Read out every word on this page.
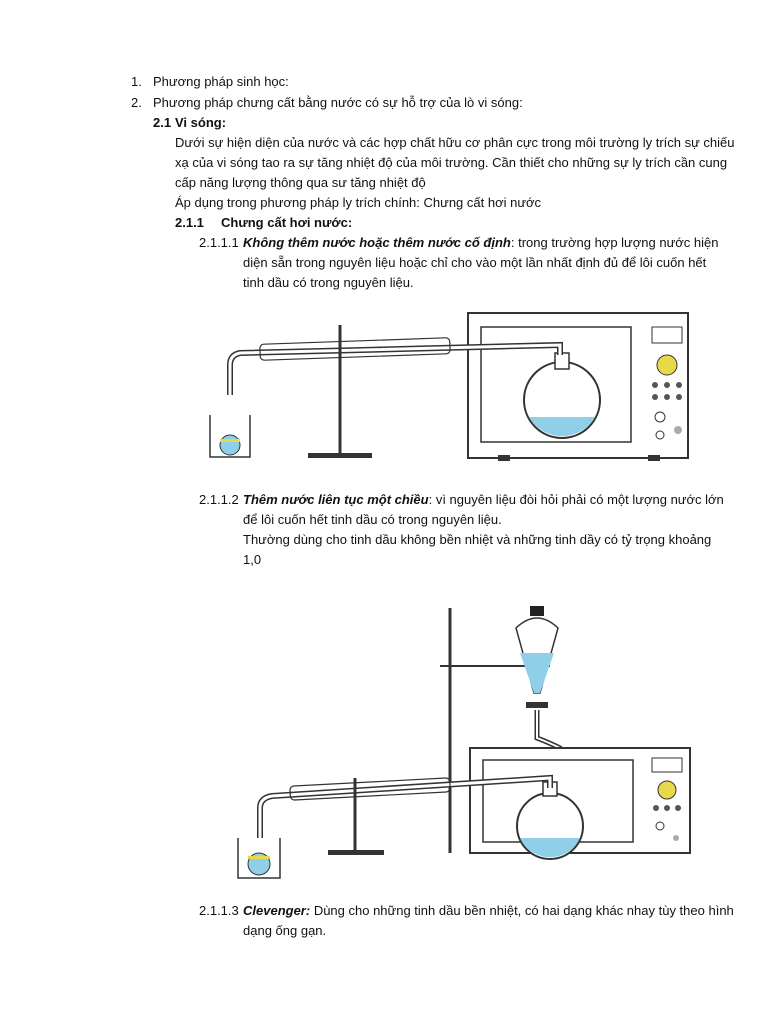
1. Phương pháp sinh học:
2. Phương pháp chưng cất bằng nước có sự hỗ trợ của lò vi sóng:
2.1 Vi sóng:
Dưới sự hiện diện của nước và các hợp chất hữu cơ phân cực trong môi trường ly trích sự chiếu
xạ của vi sóng tao ra sự tăng nhiệt độ của môi trường. Cần thiết cho những sự ly trích cần cung
cấp năng lượng thông qua sư tăng nhiệt độ
Áp dụng trong phương pháp ly trích chính: Chưng cất hơi nước
2.1.1 Chưng cất hơi nước:
2.1.1.1 Không thêm nước hoặc thêm nước cố định: trong trường hợp lượng nước hiện
diện sẵn trong nguyên liệu hoặc chỉ cho vào một lần nhất định đủ để lôi cuốn hết
tinh dầu có trong nguyên liệu.
2.1.1.2 Thêm nước liên tục một chiều: vì nguyên liệu đòi hỏi phải có một lượng nước lớn
để lôi cuốn hết tinh dầu có trong nguyên liệu.
Thường dùng cho tinh dầu không bền nhiệt và những tinh dầy có tỷ trọng khoảng
1,0
2.1.1.3 Clevenger: Dùng cho những tinh dầu bền nhiệt, có hai dạng khác nhay tùy theo hình
dạng ống gạn.
